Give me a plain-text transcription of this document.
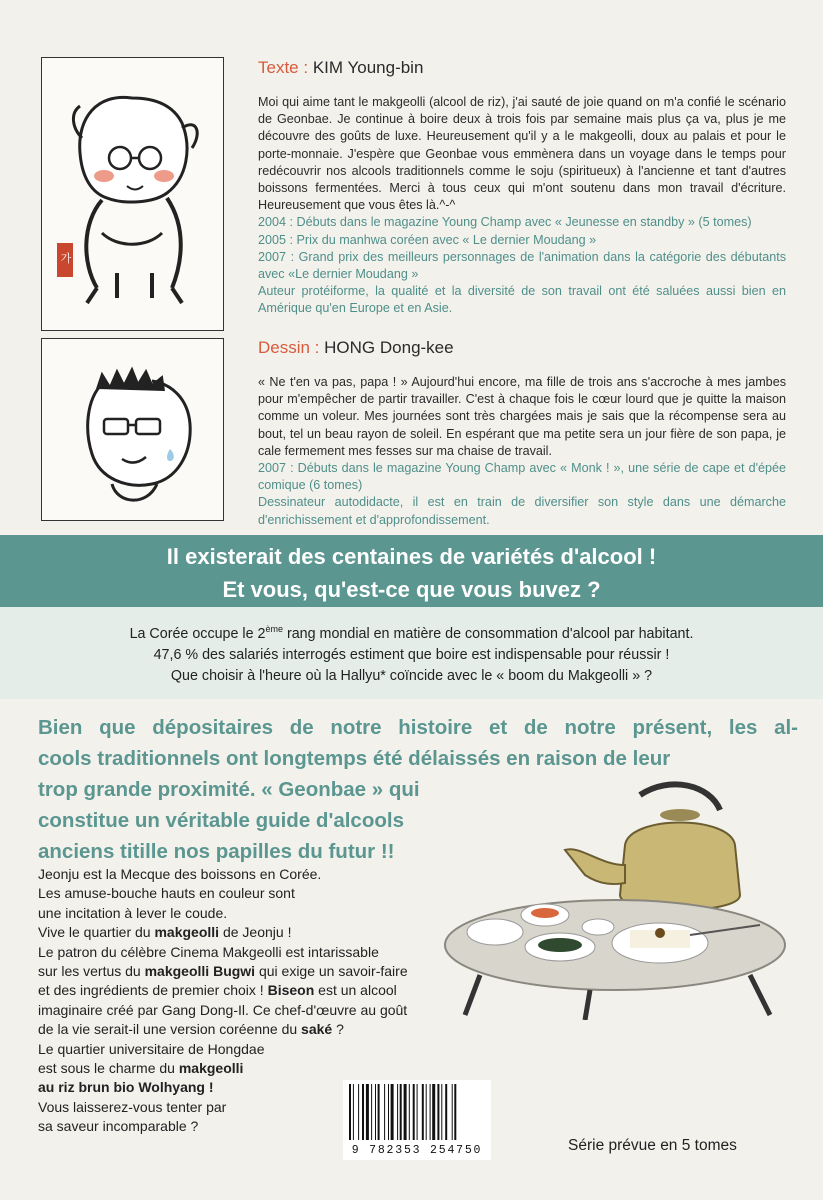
가
Texte : KIM Young-bin

Moi qui aime tant le makgeolli (alcool de riz), j'ai sauté de joie quand on m'a confié le scénario de Geonbae. Je continue à boire deux à trois fois par semaine mais plus ça va, plus je me découvre des goûts de luxe. Heureusement qu'il y a le makgeolli, doux au palais et pour le porte-monnaie. J'espère que Geonbae vous emmènera dans un voyage dans le temps pour redécouvrir nos alcools traditionnels comme le soju (spiritueux) à l'ancienne et tant d'autres boissons fermentées. Merci à tous ceux qui m'ont soutenu dans mon travail d'écriture. Heureusement que vous êtes là.^-^

2004 : Débuts dans le magazine Young Champ avec « Jeunesse en standby » (5 tomes)

2005 : Prix du manhwa coréen avec « Le dernier Moudang »

2007 : Grand prix des meilleurs personnages de l'animation dans la catégorie des débutants avec «Le dernier Moudang »

Auteur protéiforme, la qualité et la diversité de son travail ont été saluées aussi bien en Amérique qu'en Europe et en Asie.

Dessin : HONG Dong-kee

« Ne t'en va pas, papa ! » Aujourd'hui encore, ma fille de trois ans s'accroche à mes jambes pour m'empêcher de partir travailler. C'est à chaque fois le cœur lourd que je quitte la maison comme un voleur. Mes journées sont très chargées mais je sais que la récompense sera au bout, tel un beau rayon de soleil. En espérant que ma petite sera un jour fière de son papa, je cale fermement mes fesses sur ma chaise de travail.

2007 : Débuts dans le magazine Young Champ avec « Monk ! », une série de cape et d'épée comique (6 tomes)

Dessinateur autodidacte, il est en train de diversifier son style dans une démarche d'enrichissement et d'approfondissement.

Il existerait des centaines de variétés d'alcool !
Et vous, qu'est-ce que vous buvez ?
La Corée occupe le 2ème rang mondial en matière de consommation d'alcool par habitant.
47,6 % des salariés interrogés estiment que boire est indispensable pour réussir !
Que choisir à l'heure où la Hallyu* coïncide avec le « boom du Makgeolli » ?
Bien que dépositaires de notre histoire et de notre présent, les al-
cools traditionnels ont longtemps été délaissés en raison de leur
trop grande proximité. « Geonbae » qui
constitue un véritable guide d'alcools
anciens titille nos papilles du futur !!
Jeonju est la Mecque des boissons en Corée.
Les amuse-bouche hauts en couleur sont
une incitation à lever le coude.
Vive le quartier du makgeolli de Jeonju !
Le patron du célèbre Cinema Makgeolli est intarissable
sur les vertus du makgeolli Bugwi qui exige un savoir-faire
et des ingrédients de premier choix ! Biseon est un alcool
imaginaire créé par Gang Dong-Il. Ce chef-d'œuvre au goût
de la vie serait-il une version coréenne du saké ?
Le quartier universitaire de Hongdae
est sous le charme du makgeolli
au riz brun bio Wolhyang !
Vous laisserez-vous tenter par
sa saveur incomparable ?
9 782353 254750	Série prévue en 5 tomes
